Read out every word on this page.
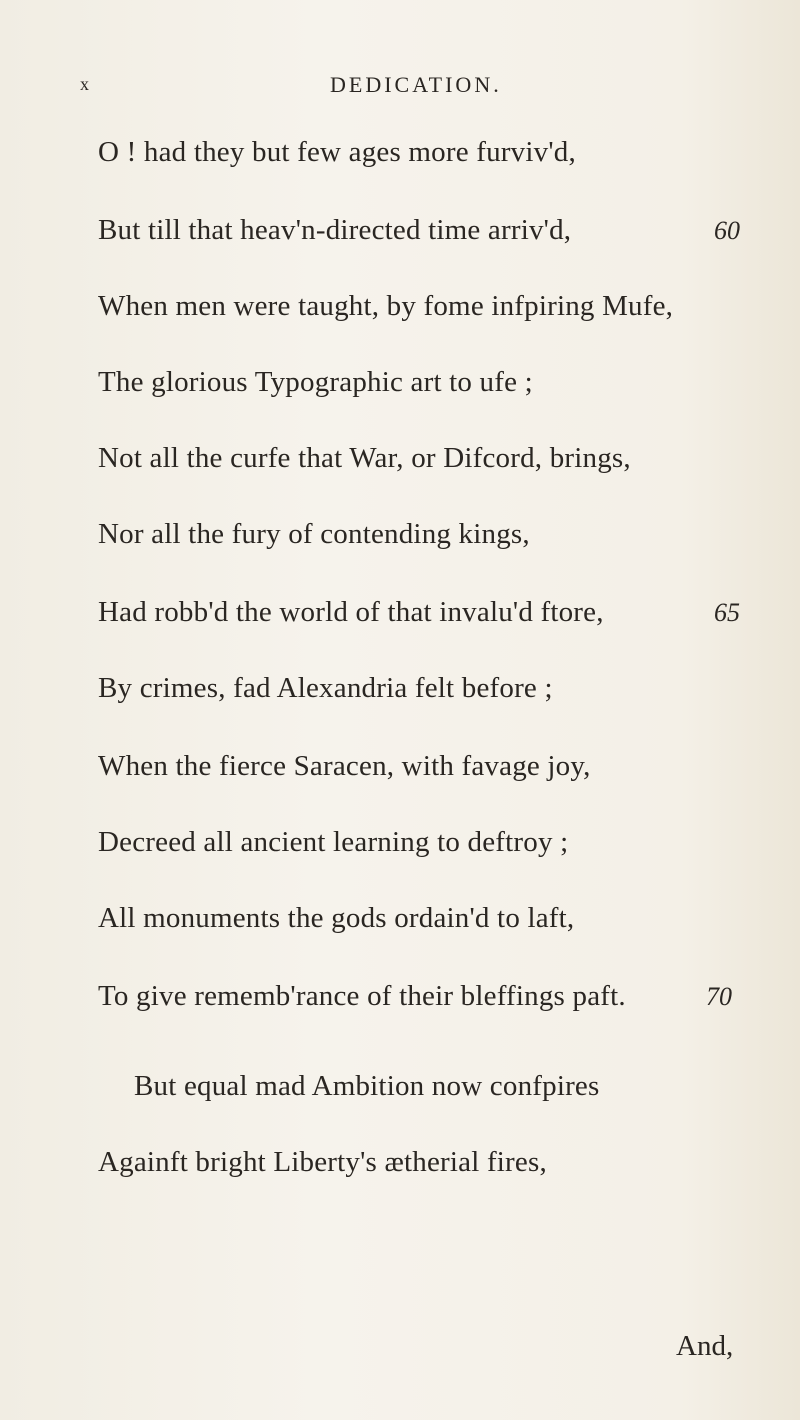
x	DEDICATION.
O ! had they but few ages more furviv'd,
But till that heav'n-directed time arriv'd,
When men were taught, by fome infpiring Mufe,
The glorious Typographic art to ufe ;
Not all the curfe that War, or Difcord, brings,
Nor all the fury of contending kings,
Had robb'd the world of that invalu'd ftore,
By crimes, fad Alexandria felt before ;
When the fierce Saracen, with favage joy,
Decreed all ancient learning to deftroy ;
All monuments the gods ordain'd to laft,
To give rememb'rance of their bleffings paft.
But equal mad Ambition now confpires
Againft bright Liberty's ætherial fires,
60
65
70
And,
